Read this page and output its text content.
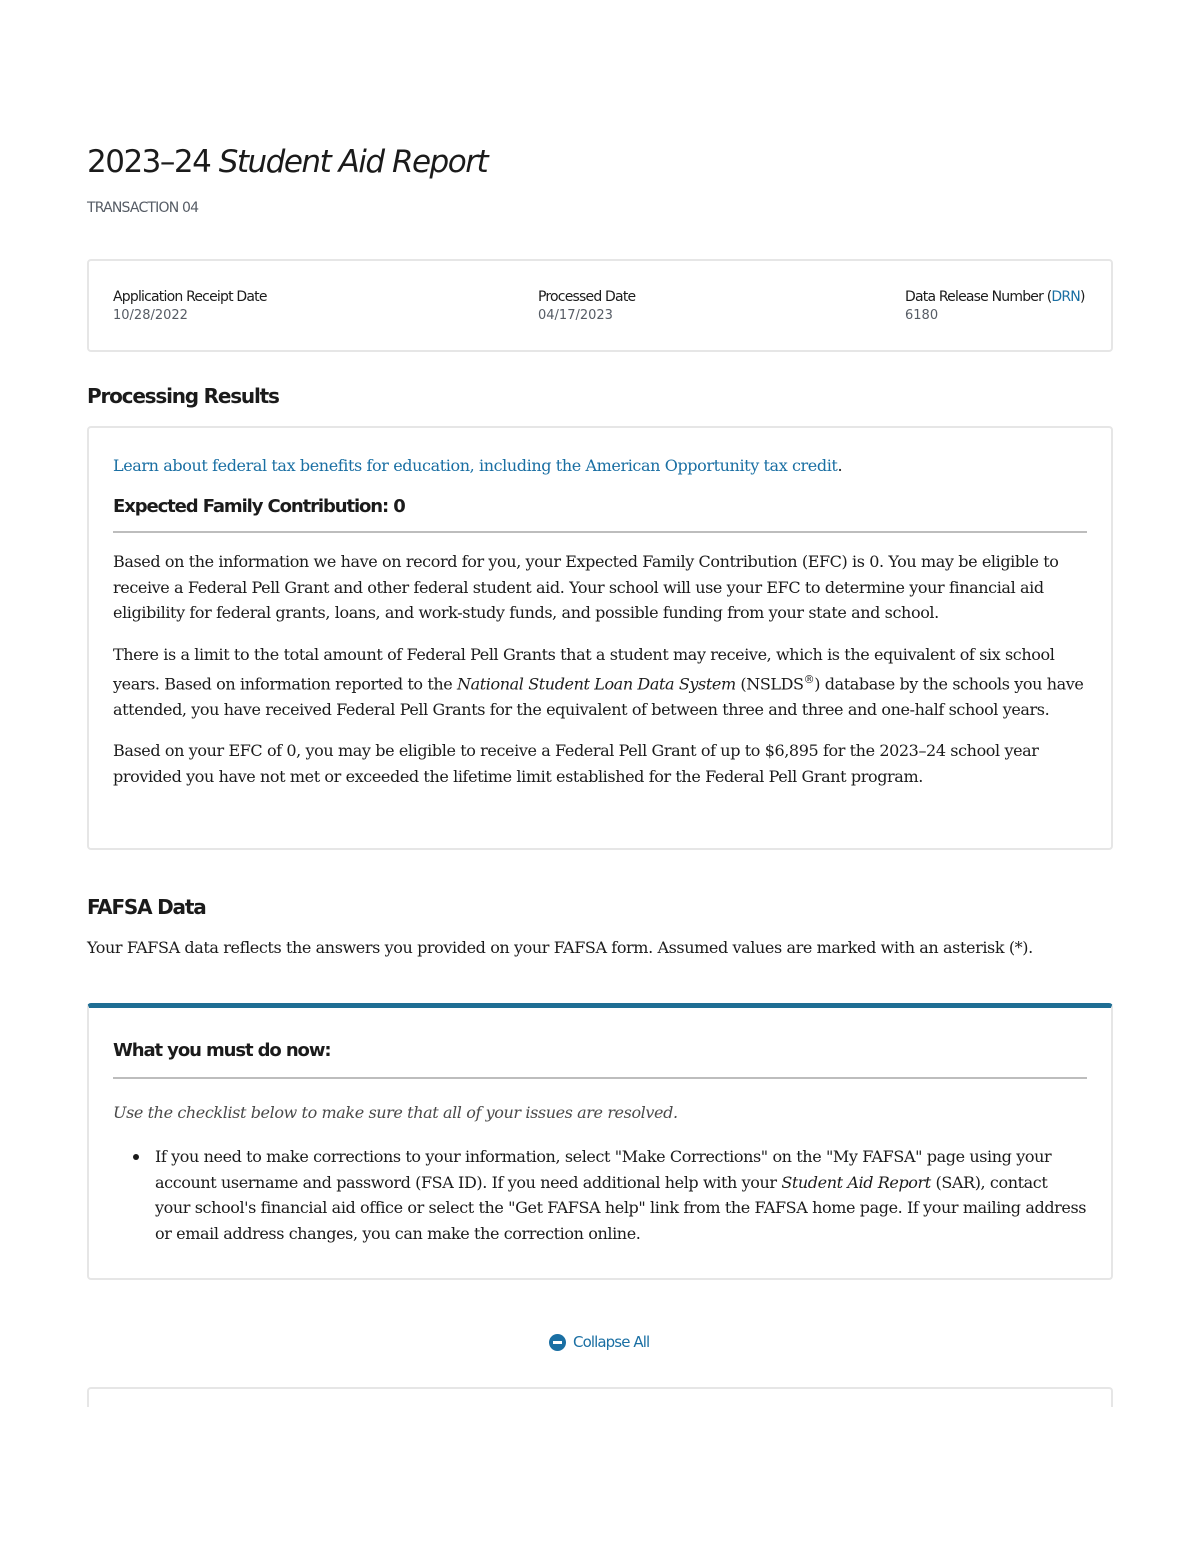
2023–24 Student Aid Report
TRANSACTION 04
Application Receipt Date
10/28/2022
Processed Date
04/17/2023
Data Release Number (DRN)
6180
Processing Results
Learn about federal tax benefits for education, including the American Opportunity tax credit.
Expected Family Contribution: 0

Based on the information we have on record for you, your Expected Family Contribution (EFC) is 0. You may be eligible to receive a Federal Pell Grant and other federal student aid. Your school will use your EFC to determine your financial aid eligibility for federal grants, loans, and work-study funds, and possible funding from your state and school.

There is a limit to the total amount of Federal Pell Grants that a student may receive, which is the equivalent of six school years. Based on information reported to the National Student Loan Data System (NSLDS®) database by the schools you have attended, you have received Federal Pell Grants for the equivalent of between three and three and one-half school years.

Based on your EFC of 0, you may be eligible to receive a Federal Pell Grant of up to $6,895 for the 2023–24 school year provided you have not met or exceeded the lifetime limit established for the Federal Pell Grant program.

FAFSA Data
Your FAFSA data reflects the answers you provided on your FAFSA form. Assumed values are marked with an asterisk (*).
What you must do now:
Use the checklist below to make sure that all of your issues are resolved.
If you need to make corrections to your information, select "Make Corrections" on the "My FAFSA" page using your account username and password (FSA ID). If you need additional help with your Student Aid Report (SAR), contact your school's financial aid office or select the "Get FAFSA help" link from the FAFSA home page. If your mailing address or email address changes, you can make the correction online.
Collapse All
